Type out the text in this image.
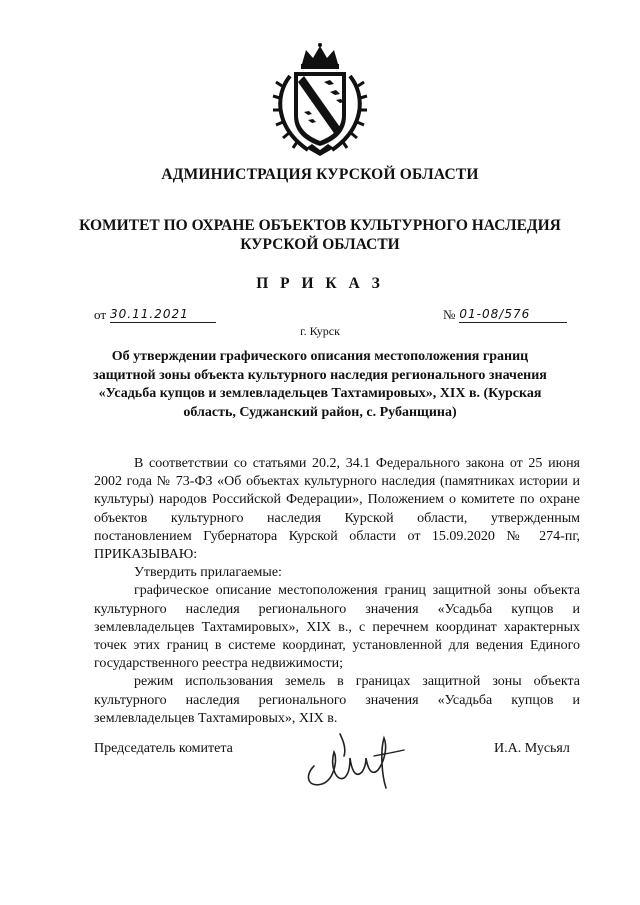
АДМИНИСТРАЦИЯ КУРСКОЙ ОБЛАСТИ
КОМИТЕТ ПО ОХРАНЕ ОБЪЕКТОВ КУЛЬТУРНОГО НАСЛЕДИЯ
КУРСКОЙ ОБЛАСТИ
П Р И К А З
от 30.11.2021	№ 01-08/576
г. Курск
Об утверждении графического описания местоположения границ защитной зоны объекта культурного наследия регионального значения «Усадьба купцов и землевладельцев Тахтамировых», XIX в. (Курская область, Суджанский район, с. Рубанщина)

В соответствии со статьями 20.2, 34.1 Федерального закона от 25 июня 2002 года № 73-ФЗ «Об объектах культурного наследия (памятниках истории и культуры) народов Российской Федерации», Положением о комитете по охране объектов культурного наследия Курской области, утвержденным постановлением Губернатора Курской области от 15.09.2020 № 274-пг, ПРИКАЗЫВАЮ:

Утвердить прилагаемые:

графическое описание местоположения границ защитной зоны объекта культурного наследия регионального значения «Усадьба купцов и землевладельцев Тахтамировых», XIX в., с перечнем координат характерных точек этих границ в системе координат, установленной для ведения Единого государственного реестра недвижимости;

режим использования земель в границах защитной зоны объекта культурного наследия регионального значения «Усадьба купцов и землевладельцев Тахтамировых», XIX в.

Председатель комитета	И.А. Мусьял
